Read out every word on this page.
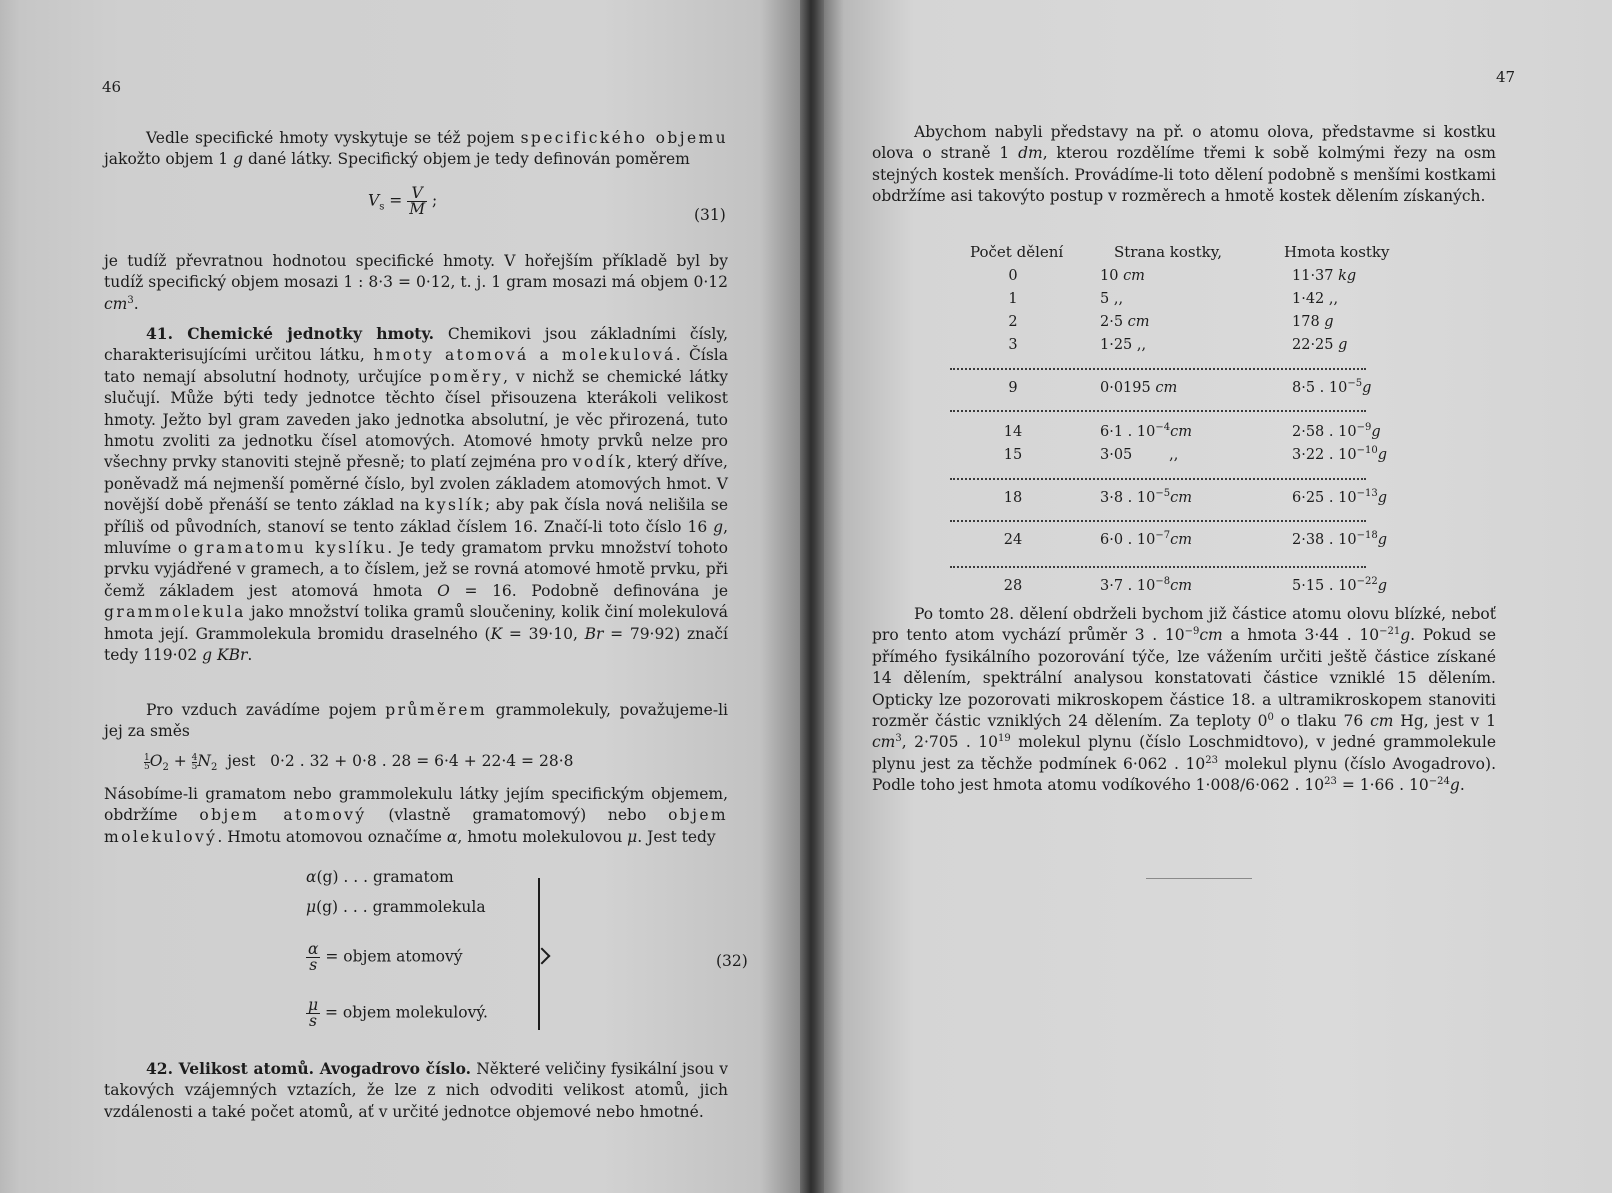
46

Vedle specifické hmoty vyskytuje se též pojem specifického objemu jakožto objem 1 g dané látky. Specifický objem je tedy definován poměrem

$V_s = \frac{V}{M}$ ;
(31)

je tudíž převratnou hodnotou specifické hmoty. V hořejším příkladě byl by tudíž specifický objem mosazi 1 : 8·3 = 0·12, t. j. 1 gram mosazi má objem 0·12 $cm^3$.

41. Chemické jednotky hmoty. Chemikovi jsou základními čísly, charakterisujícími určitou látku, hmoty atomová a molekulová. Čísla tato nemají absolutní hodnoty, určujíce poměry, v nichž se chemické látky slučují. Může býti tedy jednotce těchto čísel přisouzena kterákoli velikost hmoty. Ježto byl gram zaveden jako jednotka absolutní, je věc přirozená, tuto hmotu zvoliti za jednotku čísel atomových. Atomové hmoty prvků nelze pro všechny prvky stanoviti stejně přesně; to platí zejména pro vodík, který dříve, poněvadž má nejmenší poměrné číslo, byl zvolen základem atomových hmot. V novější době přenáší se tento základ na kyslík; aby pak čísla nová nelišila se příliš od původních, stanoví se tento základ číslem 16. Značí-li toto číslo 16 g, mluvíme o gramatomu kyslíku. Je tedy gramatom prvku množství tohoto prvku vyjádřené v gramech, a to číslem, jež se rovná atomové hmotě prvku, při čemž základem jest atomová hmota O = 16. Podobně definována je grammolekula jako množství tolika gramů sloučeniny, kolik činí molekulová hmota její. Grammolekula bromidu draselného (K = 39·10, Br = 79·92) značí tedy 119·02 g KBr.

Pro vzduch zavádíme pojem průměrem grammolekuly, považujeme-li jej za směs

$\frac{1}{5}O_2 + \frac{4}{5}N_2$  jest   0·2 . 32 + 0·8 . 28 = 6·4 + 22·4 = 28·8

Násobíme-li gramatom nebo grammolekulu látky jejím specifickým objemem, obdržíme objem atomový (vlastně gramatomový) nebo objem molekulový. Hmotu atomovou označíme α, hmotu molekulovou μ. Jest tedy

α(g) . . . gramatom
μ(g) . . . grammolekula
$\frac{\alpha}{s}$ = objem atomový
$\frac{\mu}{s}$ = objem molekulový.
(32)

42. Velikost atomů. Avogadrovo číslo. Některé veličiny fysikální jsou v takových vzájemných vztazích, že lze z nich odvoditi velikost atomů, jich vzdálenosti a také počet atomů, ať v určité jednotce objemové nebo hmotné.

47

Abychom nabyli představy na př. o atomu olova, představme si kostku olova o straně 1 dm, kterou rozdělíme třemi k sobě kolmými řezy na osm stejných kostek menších. Provádíme-li toto dělení podobně s menšími kostkami obdržíme asi takovýto postup v rozměrech a hmotě kostek dělením získaných.

Počet dělení	Strana kostky,	Hmota kostky
0	10 cm	11·37 kg
1	5 ,,	1·42 ,,
2	2·5 cm	178 g
3	1·25 ,,	22·25 g
9	0·0195 cm	8·5 . $10^{-5}g$
14	6·1 . $10^{-4}cm$	2·58 . $10^{-9}g$
15	3·05        ,,	3·22 . $10^{-10}g$
18	3·8 . $10^{-5}cm$	6·25 . $10^{-13}g$
24	6·0 . $10^{-7}cm$	2·38 . $10^{-18}g$
28	3·7 . $10^{-8}cm$	5·15 . $10^{-22}g$

Po tomto 28. dělení obdrželi bychom již částice atomu olovu blízké, neboť pro tento atom vychází průměr 3 . $10^{-9}cm$ a hmota 3·44 . $10^{-21}g$. Pokud se přímého fysikálního pozorování týče, lze vážením určiti ještě částice získané 14 dělením, spektrální analysou konstatovati částice vzniklé 15 dělením. Opticky lze pozorovati mikroskopem částice 18. a ultramikroskopem stanoviti rozměr částic vzniklých 24 dělením. Za teploty $0^0$ o tlaku 76 cm Hg, jest v 1 $cm^3$, 2·705 . $10^{19}$ molekul plynu (číslo Loschmidtovo), v jedné grammolekule plynu jest za těchže podmínek 6·062 . $10^{23}$ molekul plynu (číslo Avogadrovo). Podle toho jest hmota atomu vodíkového 1·008/6·062 . $10^{23} = 1\cdot 66$ . $10^{-24}g$.
